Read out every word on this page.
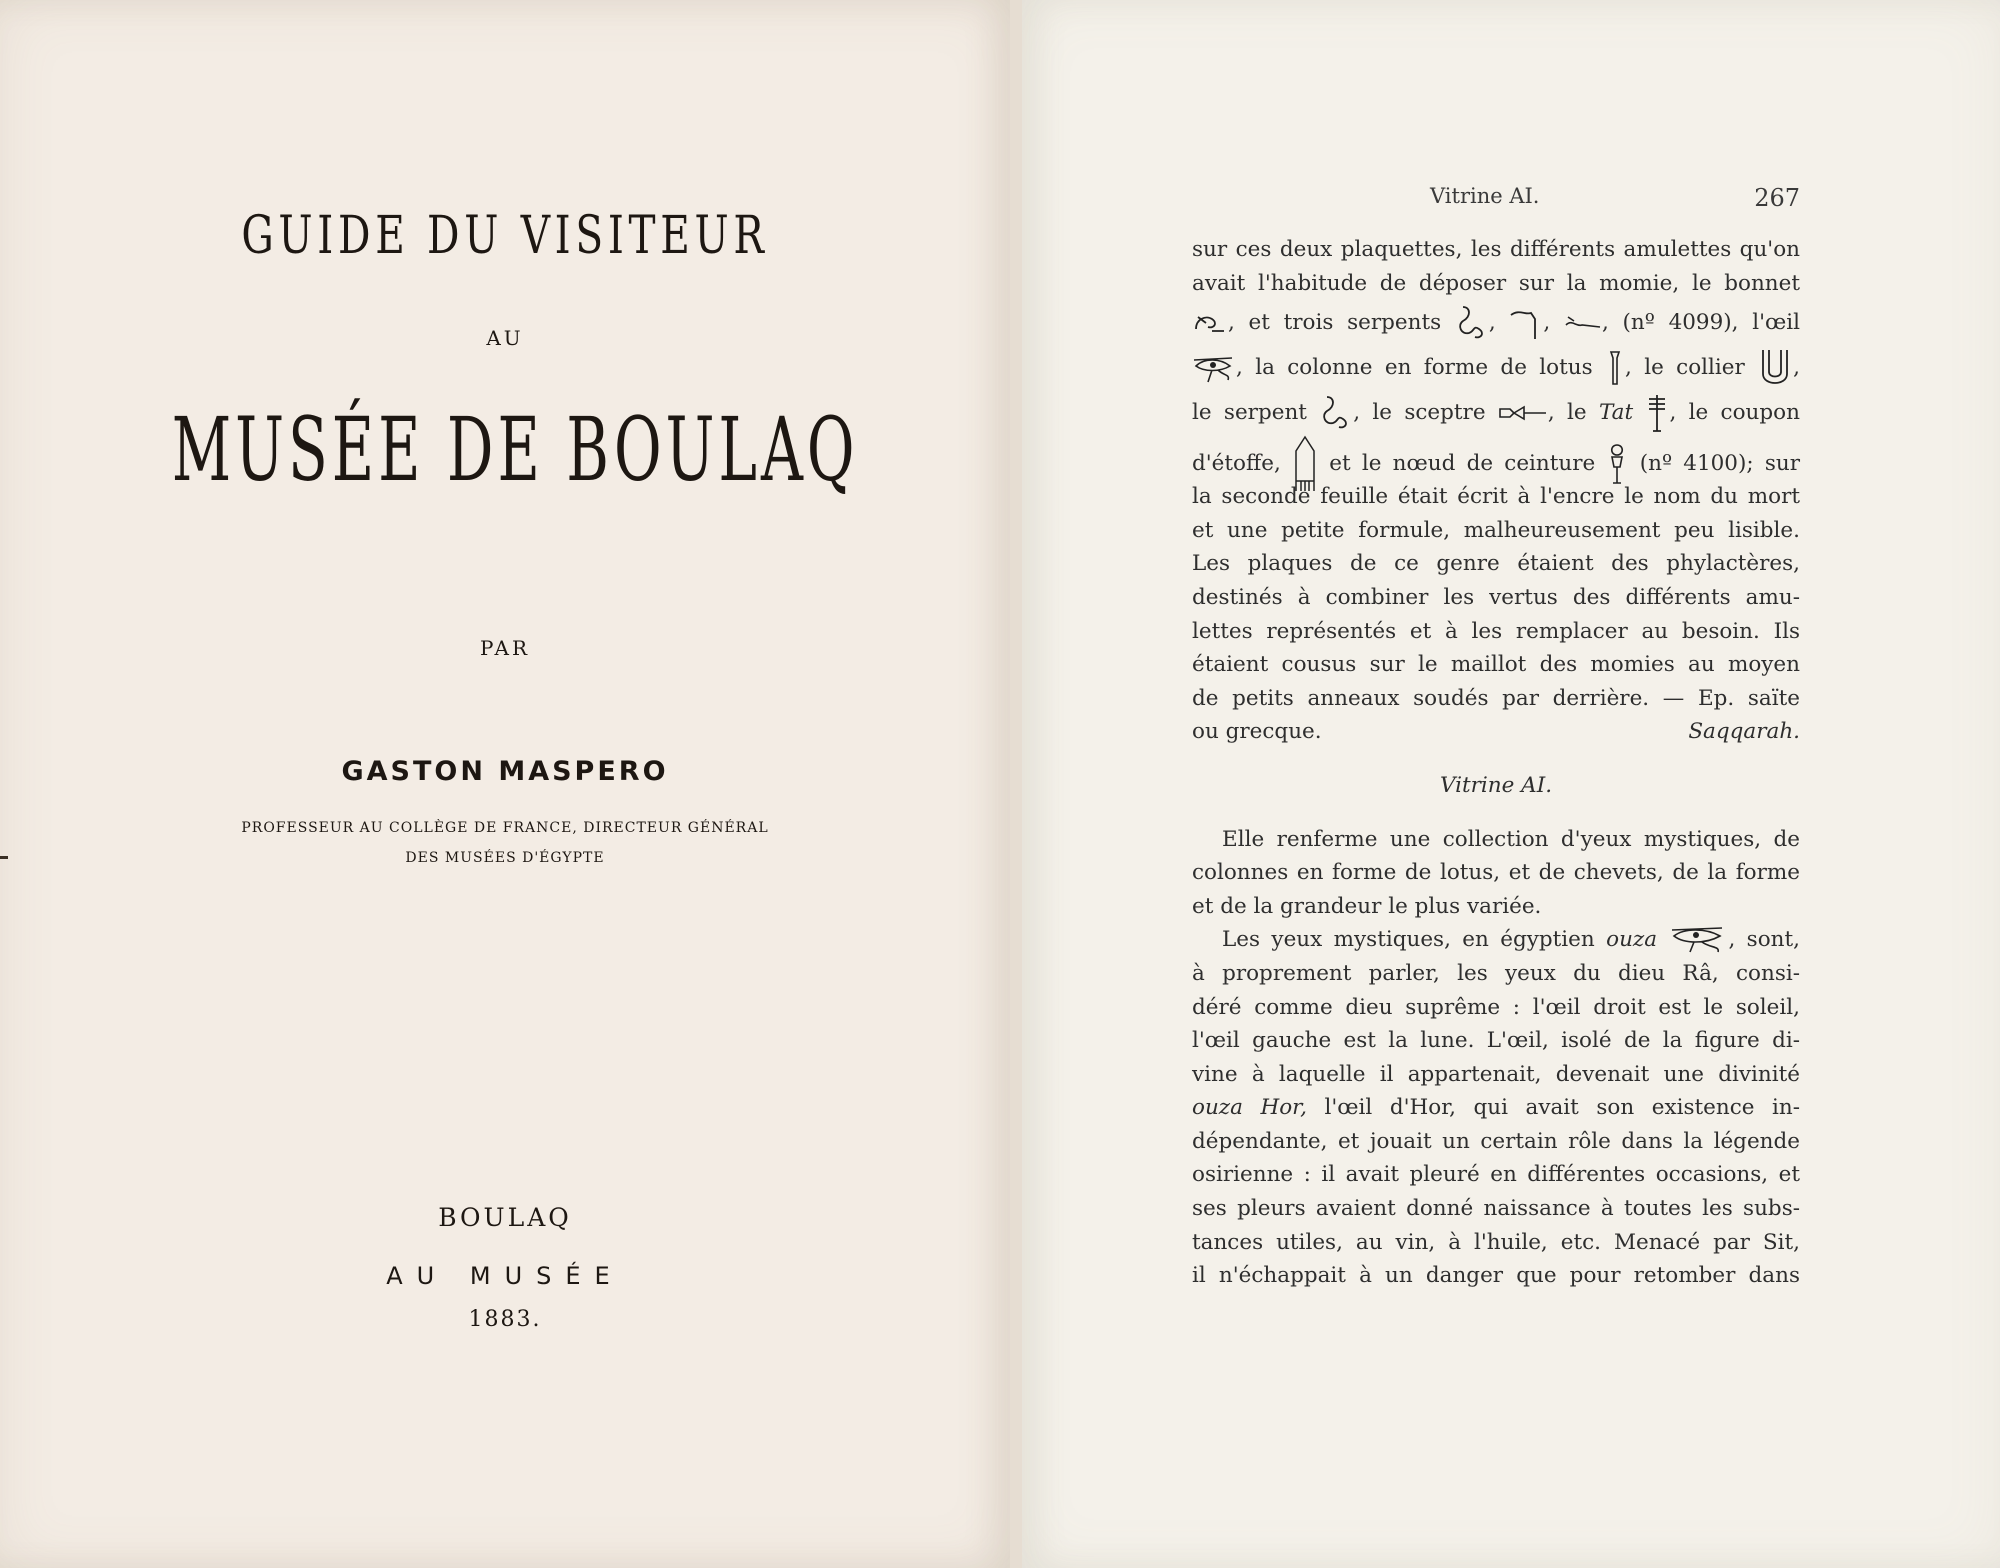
GUIDE DU VISITEUR
AU
MUSÉE DE BOULAQ
PAR
GASTON MASPERO
PROFESSEUR AU COLLÈGE DE FRANCE, DIRECTEUR GÉNÉRAL
DES MUSÉES D'ÉGYPTE
BOULAQ
AU MUSÉE
1883.
Vitrine AI.	267
sur ces deux plaquettes, les différents amulettes qu'on
avait l'habitude de déposer sur la momie, le bonnet
, et trois serpents , , , (nº 4099), l'œil
, la colonne en forme de lotus , le collier ,
le serpent , le sceptre	, le Tat , le coupon
d'étoffe, et le nœud de ceinture (nº 4100); sur
la seconde feuille était écrit à l'encre le nom du mort
et une petite formule, malheureusement peu lisible.
Les plaques de ce genre étaient des phylactères,
destinés à combiner les vertus des différents amu-
lettes représentés et à les remplacer au besoin. Ils
étaient cousus sur le maillot des momies au moyen
de petits anneaux soudés par derrière. — Ep. saïte
ou grecque.	Saqqarah.
Vitrine AI.
Elle renferme une collection d'yeux mystiques, de
colonnes en forme de lotus, et de chevets, de la forme
et de la grandeur le plus variée.
Les yeux mystiques, en égyptien ouza	, sont,
à proprement parler, les yeux du dieu Râ, consi-
déré comme dieu suprême : l'œil droit est le soleil,
l'œil gauche est la lune. L'œil, isolé de la figure di-
vine à laquelle il appartenait, devenait une divinité
ouza Hor, l'œil d'Hor, qui avait son existence in-
dépendante, et jouait un certain rôle dans la légende
osirienne : il avait pleuré en différentes occasions, et
ses pleurs avaient donné naissance à toutes les subs-
tances utiles, au vin, à l'huile, etc. Menacé par Sit,
il n'échappait à un danger que pour retomber dans
